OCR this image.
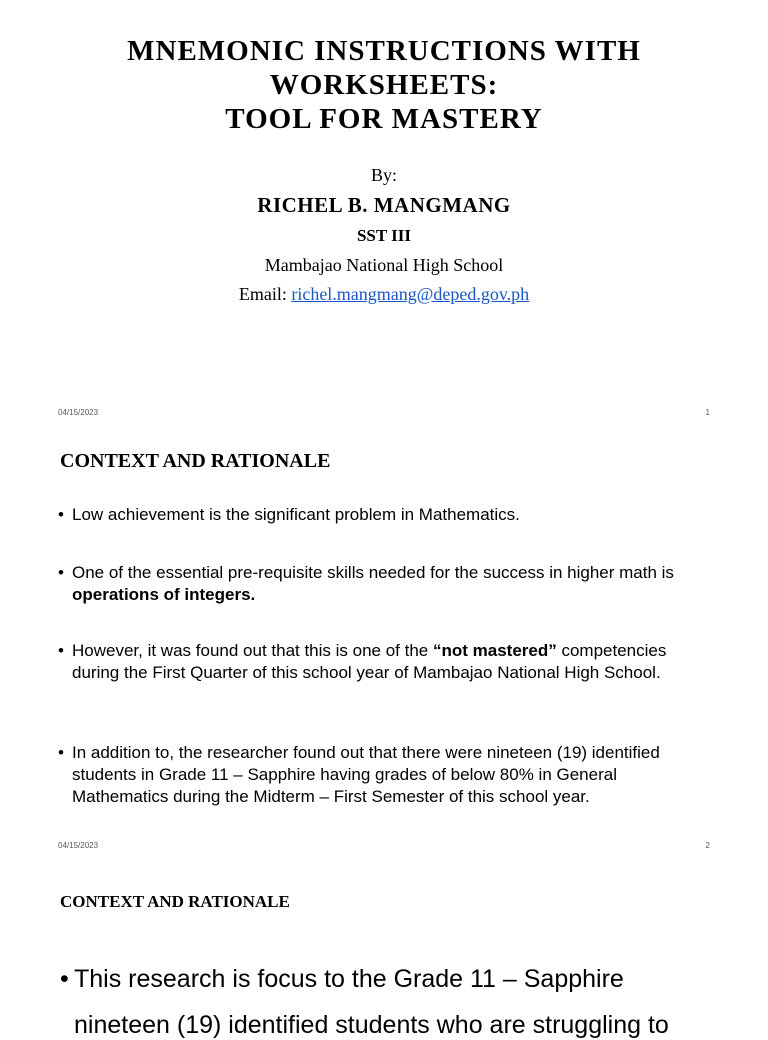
MNEMONIC INSTRUCTIONS WITH
WORKSHEETS:
TOOL FOR MASTERY
By:
RICHEL B. MANGMANG
SST III
Mambajao National High School
Email: richel.mangmang@deped.gov.ph
04/15/2023	1
CONTEXT AND RATIONALE
• Low achievement is the significant problem in Mathematics.
• One of the essential pre-requisite skills needed for the success in higher math is operations of integers.
• However, it was found out that this is one of the “not mastered” competencies during the First Quarter of this school year of Mambajao National High School.
• In addition to, the researcher found out that there were nineteen (19) identified students in Grade 11 – Sapphire having grades of below 80% in General Mathematics during the Midterm – First Semester of this school year.
04/15/2023	2
CONTEXT AND RATIONALE
• This research is focus to the Grade 11 – Sapphire
nineteen (19) identified students who are struggling to
